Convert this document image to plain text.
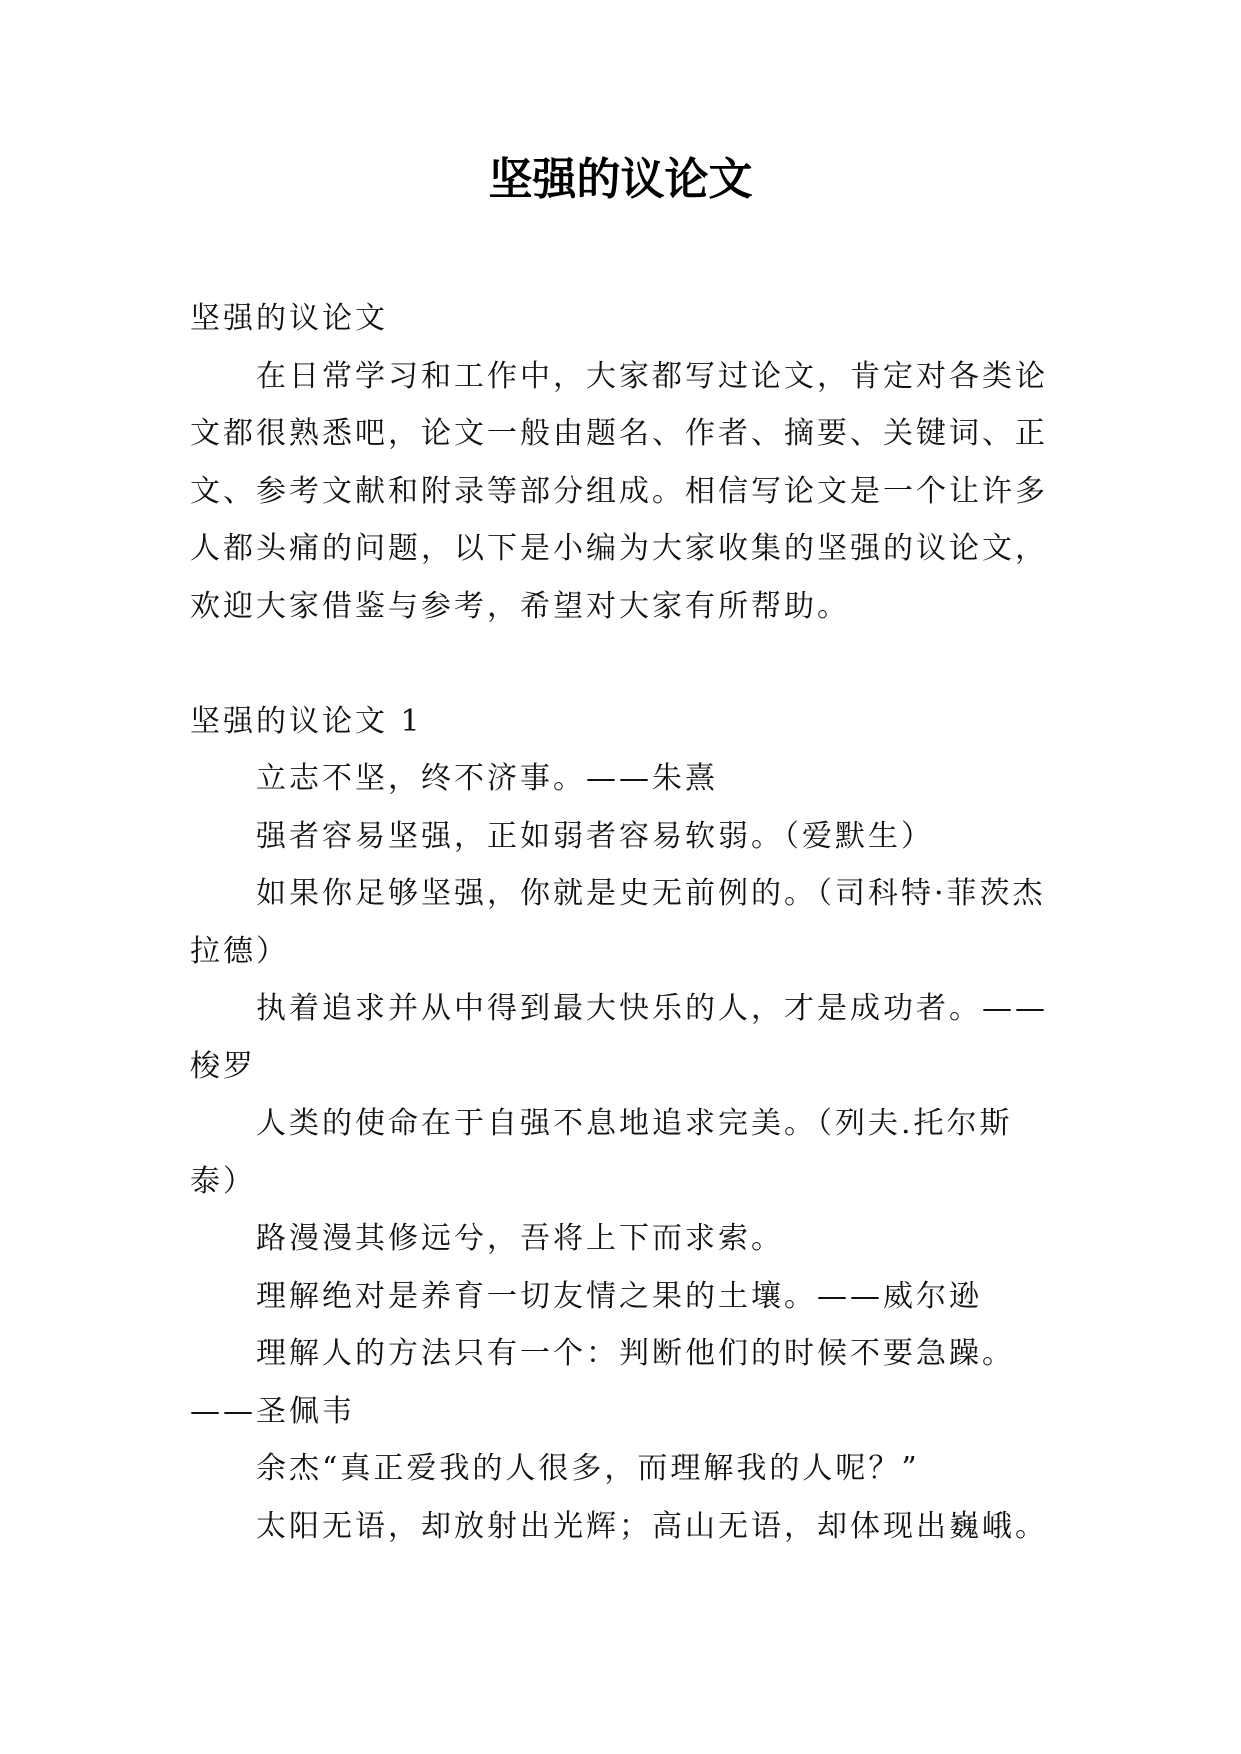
坚强的议论文

坚强的议论文

在日常学习和工作中，大家都写过论文，肯定对各类论文都很熟悉吧，论文一般由题名、作者、摘要、关键词、正文、参考文献和附录等部分组成。相信写论文是一个让许多人都头痛的问题，以下是小编为大家收集的坚强的议论文，欢迎大家借鉴与参考，希望对大家有所帮助。

坚强的议论文 1

立志不坚，终不济事。——朱熹

强者容易坚强，正如弱者容易软弱。（爱默生）

如果你足够坚强，你就是史无前例的。（司科特·菲茨杰拉德）

执着追求并从中得到最大快乐的人，才是成功者。——梭罗

人类的使命在于自强不息地追求完美。（列夫.托尔斯泰）

路漫漫其修远兮，吾将上下而求索。

理解绝对是养育一切友情之果的土壤。——威尔逊

理解人的方法只有一个：判断他们的时候不要急躁。——圣佩韦

余杰“真正爱我的人很多，而理解我的人呢？”

太阳无语，却放射出光辉；高山无语，却体现出巍峨。
